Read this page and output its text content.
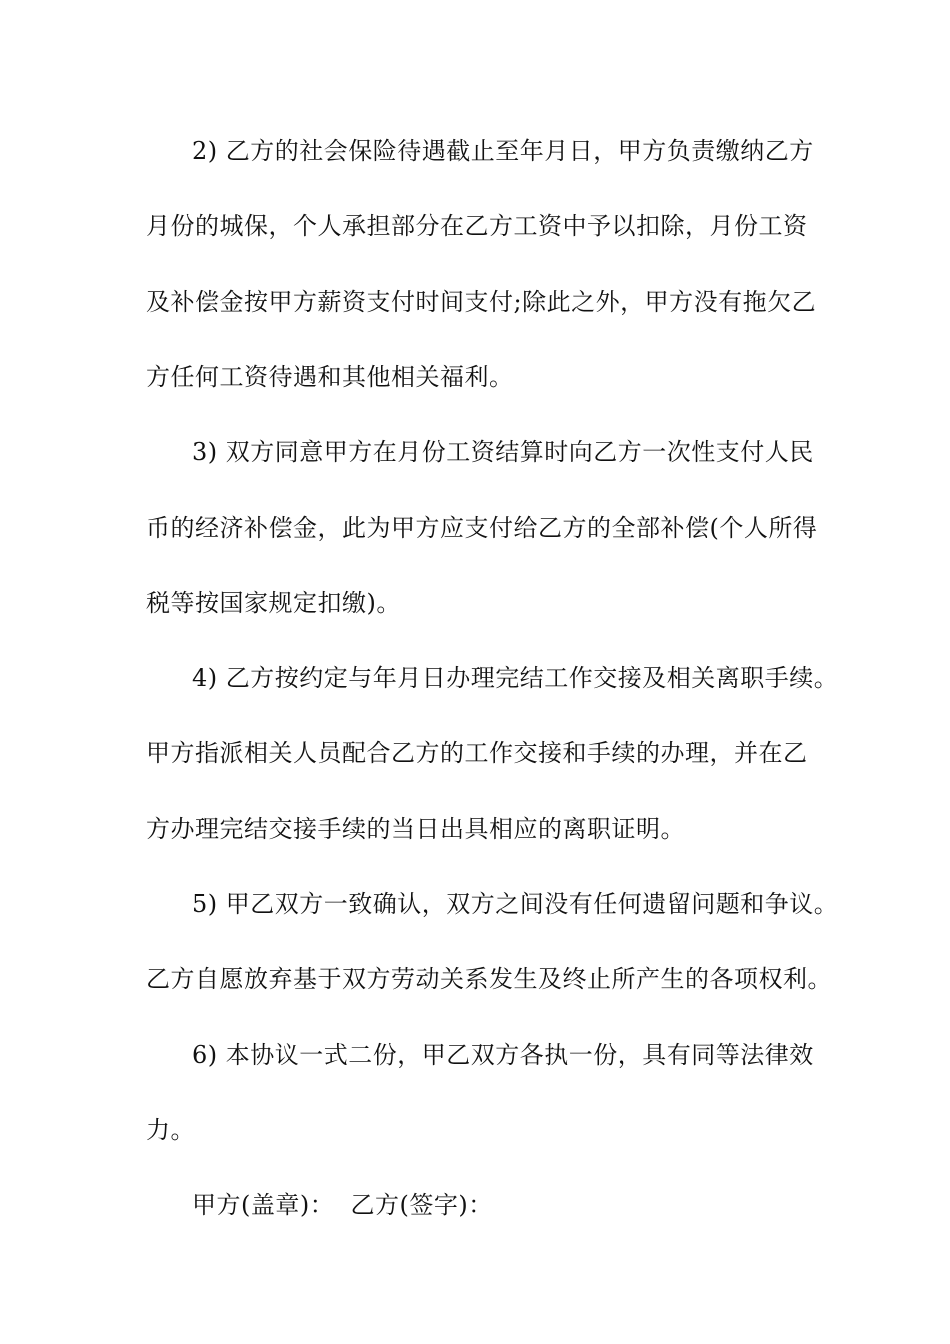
2) 乙方的社会保险待遇截止至年月日，甲方负责缴纳乙方
月份的城保，个人承担部分在乙方工资中予以扣除，月份工资
及补偿金按甲方薪资支付时间支付;除此之外，甲方没有拖欠乙
方任何工资待遇和其他相关福利。
3) 双方同意甲方在月份工资结算时向乙方一次性支付人民
币的经济补偿金，此为甲方应支付给乙方的全部补偿(个人所得
税等按国家规定扣缴)。
4) 乙方按约定与年月日办理完结工作交接及相关离职手续。
甲方指派相关人员配合乙方的工作交接和手续的办理，并在乙
方办理完结交接手续的当日出具相应的离职证明。
5) 甲乙双方一致确认，双方之间没有任何遗留问题和争议。
乙方自愿放弃基于双方劳动关系发生及终止所产生的各项权利。
6) 本协议一式二份，甲乙双方各执一份，具有同等法律效
力。
甲方(盖章)：  乙方(签字)：
